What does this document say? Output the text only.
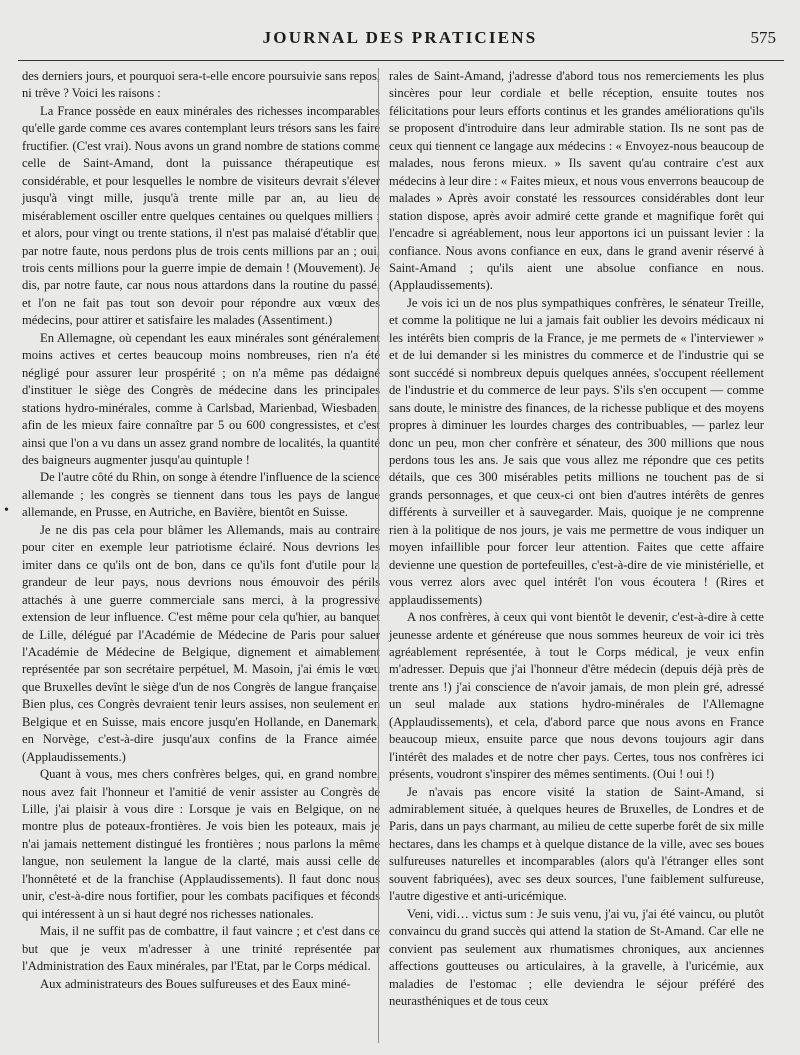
JOURNAL DES PRATICIENS	575
•

des derniers jours, et pourquoi sera-t-elle encore poursuivie sans repos, ni trêve ? Voici les raisons :

La France possède en eaux minérales des richesses incomparables qu'elle garde comme ces avares contemplant leurs trésors sans les faire fructifier. (C'est vrai). Nous avons un grand nombre de stations comme celle de Saint-Amand, dont la puissance thérapeutique est considérable, et pour lesquelles le nombre de visiteurs devrait s'élever jusqu'à vingt mille, jusqu'à trente mille par an, au lieu de misérablement osciller entre quelques centaines ou quelques milliers ; et alors, pour vingt ou trente stations, il n'est pas malaisé d'établir que, par notre faute, nous perdons plus de trois cents millions par an ; oui, trois cents millions pour la guerre impie de demain ! (Mouvement). Je dis, par notre faute, car nous nous attardons dans la routine du passé, et l'on ne fait pas tout son devoir pour répondre aux vœux des médecins, pour attirer et satisfaire les malades (Assentiment.)

En Allemagne, où cependant les eaux minérales sont généralement moins actives et certes beaucoup moins nombreuses, rien n'a été négligé pour assurer leur prospérité ; on n'a même pas dédaigné d'instituer le siège des Congrès de médecine dans les principales stations hydro-minérales, comme à Carlsbad, Marienbad, Wiesbaden, afin de les mieux faire connaître par 5 ou 600 congressistes, et c'est ainsi que l'on a vu dans un assez grand nombre de localités, la quantité des baigneurs augmenter jusqu'au quintuple !

De l'autre côté du Rhin, on songe à étendre l'influence de la science allemande ; les congrès se tiennent dans tous les pays de langue allemande, en Prusse, en Autriche, en Bavière, bientôt en Suisse.

Je ne dis pas cela pour blâmer les Allemands, mais au contraire pour citer en exemple leur patriotisme éclairé. Nous devrions les imiter dans ce qu'ils ont de bon, dans ce qu'ils font d'utile pour la grandeur de leur pays, nous devrions nous émouvoir des périls attachés à une guerre commerciale sans merci, à la progressive extension de leur influence. C'est même pour cela qu'hier, au banquet de Lille, délégué par l'Académie de Médecine de Paris pour saluer l'Académie de Médecine de Belgique, dignement et aimablement représentée par son secrétaire perpétuel, M. Masoin, j'ai émis le vœu que Bruxelles devînt le siège d'un de nos Congrès de langue française. Bien plus, ces Congrès devraient tenir leurs assises, non seulement en Belgique et en Suisse, mais encore jusqu'en Hollande, en Danemark, en Norvège, c'est-à-dire jusqu'aux confins de la France aimée. (Applaudissements.)

Quant à vous, mes chers confrères belges, qui, en grand nombre, nous avez fait l'honneur et l'amitié de venir assister au Congrès de Lille, j'ai plaisir à vous dire : Lorsque je vais en Belgique, on ne montre plus de poteaux-frontières. Je vois bien les poteaux, mais je n'ai jamais nettement distingué les frontières ; nous parlons la même langue, non seulement la langue de la clarté, mais aussi celle de l'honnêteté et de la franchise (Applaudissements). Il faut donc nous unir, c'est-à-dire nous fortifier, pour les combats pacifiques et féconds qui intéressent à un si haut degré nos richesses nationales.

Mais, il ne suffit pas de combattre, il faut vaincre ; et c'est dans ce but que je veux m'adresser à une trinité représentée par l'Administration des Eaux minérales, par l'Etat, par le Corps médical.

Aux administrateurs des Boues sulfureuses et des Eaux miné-

rales de Saint-Amand, j'adresse d'abord tous nos remerciements les plus sincères pour leur cordiale et belle réception, ensuite toutes nos félicitations pour leurs efforts continus et les grandes améliorations qu'ils se proposent d'introduire dans leur admirable station. Ils ne sont pas de ceux qui tiennent ce langage aux médecins : « Envoyez-nous beaucoup de malades, nous ferons mieux. » Ils savent qu'au contraire c'est aux médecins à leur dire : « Faites mieux, et nous vous enverrons beaucoup de malades » Après avoir constaté les ressources considérables dont leur station dispose, après avoir admiré cette grande et magnifique forêt qui l'encadre si agréablement, nous leur apportons ici un puissant levier : la confiance. Nous avons confiance en eux, dans le grand avenir réservé à Saint-Amand ; qu'ils aient une absolue confiance en nous. (Applaudissements).

Je vois ici un de nos plus sympathiques confrères, le sénateur Treille, et comme la politique ne lui a jamais fait oublier les devoirs médicaux ni les intérêts bien compris de la France, je me permets de « l'interviewer » et de lui demander si les ministres du commerce et de l'industrie qui se sont succédé si nombreux depuis quelques années, s'occupent réellement de l'industrie et du commerce de leur pays. S'ils s'en occupent — comme sans doute, le ministre des finances, de la richesse publique et des moyens propres à diminuer les lourdes charges des contribuables, — parlez leur donc un peu, mon cher confrère et sénateur, des 300 millions que nous perdons tous les ans. Je sais que vous allez me répondre que ces petits détails, que ces 300 misérables petits millions ne touchent pas de si grands personnages, et que ceux-ci ont bien d'autres intérêts de genres différents à surveiller et à sauvegarder. Mais, quoique je ne comprenne rien à la politique de nos jours, je vais me permettre de vous indiquer un moyen infaillible pour forcer leur attention. Faites que cette affaire devienne une question de portefeuilles, c'est-à-dire de vie ministérielle, et vous verrez alors avec quel intérêt l'on vous écoutera ! (Rires et applaudissements)

A nos confrères, à ceux qui vont bientôt le devenir, c'est-à-dire à cette jeunesse ardente et généreuse que nous sommes heureux de voir ici très agréablement représentée, à tout le Corps médical, je veux enfin m'adresser. Depuis que j'ai l'honneur d'être médecin (depuis déjà près de trente ans !) j'ai conscience de n'avoir jamais, de mon plein gré, adressé un seul malade aux stations hydro-minérales de l'Allemagne (Applaudissements), et cela, d'abord parce que nous avons en France beaucoup mieux, ensuite parce que nous devons toujours agir dans l'intérêt des malades et de notre cher pays. Certes, tous nos confrères ici présents, voudront s'inspirer des mêmes sentiments. (Oui ! oui !)

Je n'avais pas encore visité la station de Saint-Amand, si admirablement située, à quelques heures de Bruxelles, de Londres et de Paris, dans un pays charmant, au milieu de cette superbe forêt de six mille hectares, dans les champs et à quelque distance de la ville, avec ses boues sulfureuses naturelles et incomparables (alors qu'à l'étranger elles sont souvent fabriquées), avec ses deux sources, l'une faiblement sulfureuse, l'autre digestive et anti-uricémique.

Veni, vidi… victus sum : Je suis venu, j'ai vu, j'ai été vaincu, ou plutôt convaincu du grand succès qui attend la station de St-Amand. Car elle ne convient pas seulement aux rhumatismes chroniques, aux anciennes affections goutteuses ou articulaires, à la gravelle, à l'uricémie, aux maladies de l'estomac ; elle deviendra le séjour préféré des neurasthéniques et de tous ceux
